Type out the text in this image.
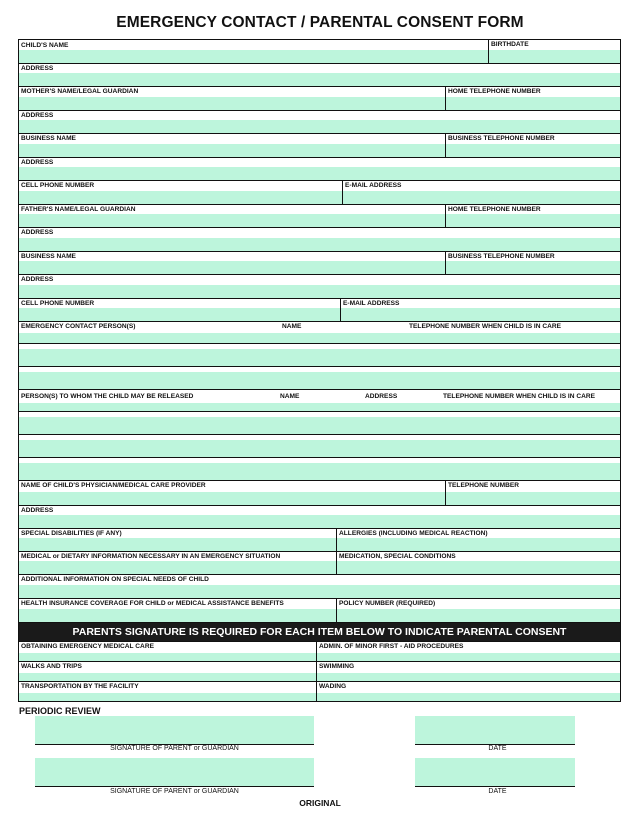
EMERGENCY CONTACT / PARENTAL CONSENT FORM
CHILD'S NAME	BIRTHDATE
ADDRESS
MOTHER'S NAME/LEGAL GUARDIAN	HOME TELEPHONE NUMBER
ADDRESS
BUSINESS NAME	BUSINESS TELEPHONE NUMBER
ADDRESS
CELL PHONE NUMBER	E-MAIL ADDRESS
FATHER'S NAME/LEGAL GUARDIAN	HOME TELEPHONE NUMBER
ADDRESS
BUSINESS NAME	BUSINESS TELEPHONE NUMBER
ADDRESS
CELL PHONE NUMBER	E-MAIL ADDRESS
EMERGENCY CONTACT PERSON(S)	NAME	TELEPHONE NUMBER WHEN CHILD IS IN CARE
PERSON(S) TO WHOM THE CHILD MAY BE RELEASED	NAME	ADDRESS	TELEPHONE NUMBER WHEN CHILD IS IN CARE
NAME OF CHILD'S PHYSICIAN/MEDICAL CARE PROVIDER	TELEPHONE NUMBER
ADDRESS
SPECIAL DISABILITIES (IF ANY)	ALLERGIES (INCLUDING MEDICAL REACTION)
MEDICAL or DIETARY INFORMATION NECESSARY IN AN EMERGENCY SITUATION	MEDICATION, SPECIAL CONDITIONS
ADDITIONAL INFORMATION ON SPECIAL NEEDS OF CHILD
HEALTH INSURANCE COVERAGE FOR CHILD or MEDICAL ASSISTANCE BENEFITS	POLICY NUMBER (REQUIRED)
PARENTS SIGNATURE IS REQUIRED FOR EACH ITEM BELOW TO INDICATE PARENTAL CONSENT
OBTAINING EMERGENCY MEDICAL CARE	ADMIN. OF MINOR FIRST - AID PROCEDURES
WALKS AND TRIPS	SWIMMING
TRANSPORTATION BY THE FACILITY	WADING
PERIODIC REVIEW
SIGNATURE OF PARENT or GUARDIAN	DATE
SIGNATURE OF PARENT or GUARDIAN	DATE
ORIGINAL
